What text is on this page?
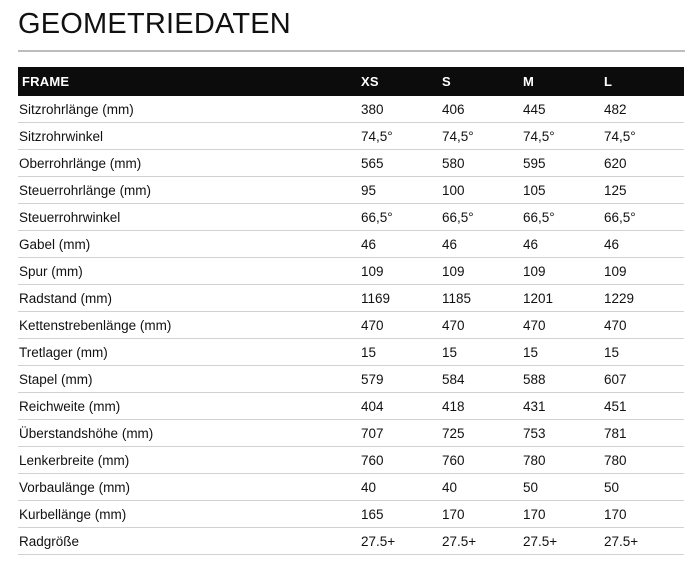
GEOMETRIEDATEN
FRAME	XS	S	M	L
Sitzrohrlänge (mm)	380	406	445	482
Sitzrohrwinkel	74,5°	74,5°	74,5°	74,5°
Oberrohrlänge (mm)	565	580	595	620
Steuerrohrlänge (mm)	95	100	105	125
Steuerrohrwinkel	66,5°	66,5°	66,5°	66,5°
Gabel (mm)	46	46	46	46
Spur (mm)	109	109	109	109
Radstand (mm)	1169	1185	1201	1229
Kettenstrebenlänge (mm)	470	470	470	470
Tretlager (mm)	15	15	15	15
Stapel (mm)	579	584	588	607
Reichweite (mm)	404	418	431	451
Überstandshöhe (mm)	707	725	753	781
Lenkerbreite (mm)	760	760	780	780
Vorbaulänge (mm)	40	40	50	50
Kurbellänge (mm)	165	170	170	170
Radgröße	27.5+	27.5+	27.5+	27.5+
